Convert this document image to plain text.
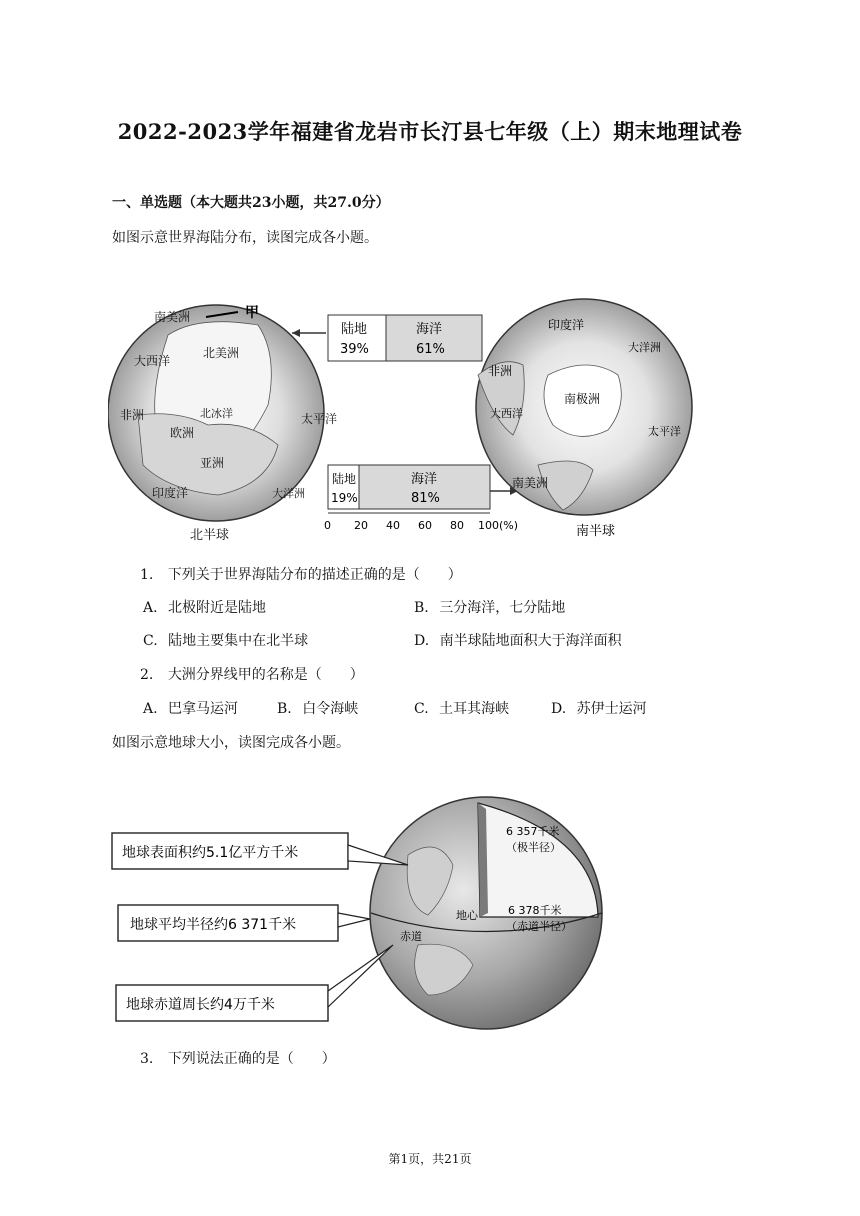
2022-2023学年福建省龙岩市长汀县七年级（上）期末地理试卷
一、单选题（本大题共23小题，共27.0分）
如图示意世界海陆分布，读图完成各小题。
南美洲
北美洲
大西洋
非洲	北冰洋
欧洲
亚洲
太平洋
印度洋	大洋洲
甲
北半球
陆地
39%
海洋
61%
陆地
19%
海洋
81%
0 20 40 60 80 100(%)
印度洋
大洋洲
非洲
南极洲
大西洋
太平洋
南美洲
南半球
1. 下列关于世界海陆分布的描述正确的是（　　）
A. 北极附近是陆地	B. 三分海洋，七分陆地
C. 陆地主要集中在北半球	D. 南半球陆地面积大于海洋面积
2. 大洲分界线甲的名称是（　　）
A. 巴拿马运河	B. 白令海峡	C. 土耳其海峡	D. 苏伊士运河
如图示意地球大小，读图完成各小题。
6 357千米
（极半径）
地心	6 378千米
（赤道半径）
赤道
地球表面积约5.1亿平方千米
地球平均半径约6 371千米
地球赤道周长约4万千米
3. 下列说法正确的是（　　）
第1页，共21页
